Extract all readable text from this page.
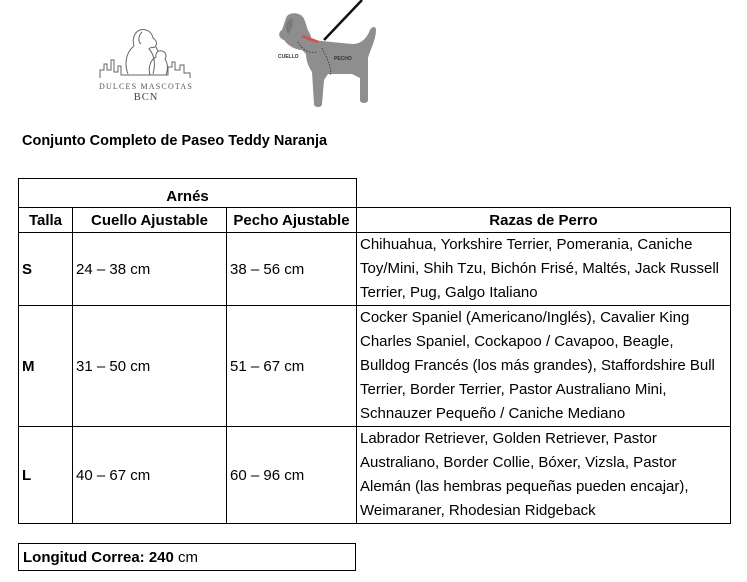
DULCES MASCOTAS
BCN
CUELLO	PECHO
Conjunto Completo de Paseo Teddy Naranja
Arnés			
Talla	Cuello Ajustable	Pecho Ajustable	Razas de Perro
S	24 – 38 cm	38 – 56 cm	Chihuahua, Yorkshire Terrier, Pomerania, Caniche Toy/Mini, Shih Tzu, Bichón Frisé, Maltés, Jack Russell Terrier, Pug, Galgo Italiano
M	31 – 50 cm	51 – 67 cm	Cocker Spaniel (Americano/Inglés), Cavalier King Charles Spaniel, Cockapoo / Cavapoo, Beagle, Bulldog Francés (los más grandes), Staffordshire Bull Terrier, Border Terrier, Pastor Australiano Mini, Schnauzer Pequeño / Caniche Mediano
L	40 – 67 cm	60 – 96 cm	Labrador Retriever, Golden Retriever, Pastor Australiano, Border Collie, Bóxer, Vizsla, Pastor Alemán (las hembras pequeñas pueden encajar), Weimaraner, Rhodesian Ridgeback
Longitud Correa: 240 cm
